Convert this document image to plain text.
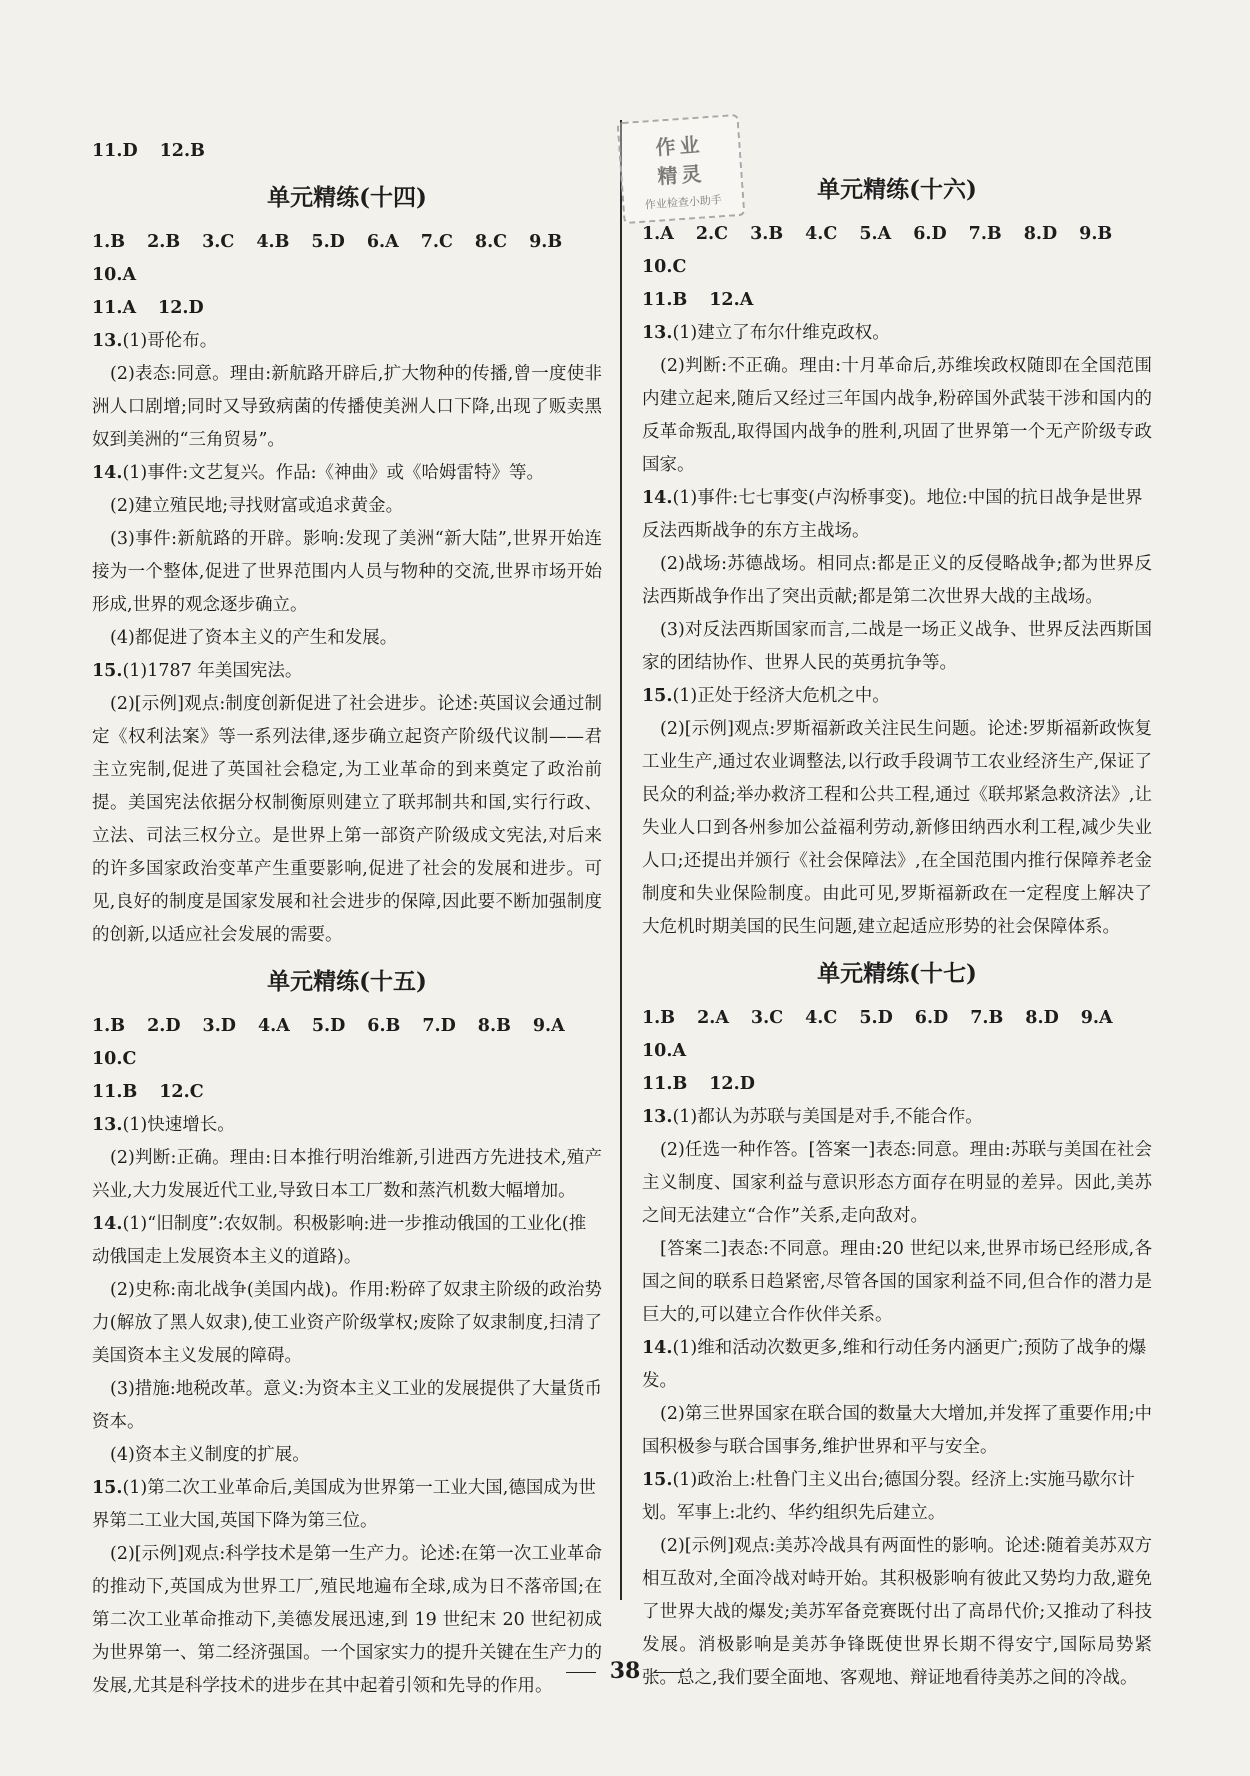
作业
精灵
作业检查小助手
11.D 12.B
单元精练(十四)
1.B 2.B 3.C 4.B 5.D 6.A 7.C 8.C 9.B
10.A
11.A 12.D

13.(1)哥伦布。

(2)表态:同意。理由:新航路开辟后,扩大物种的传播,曾一度使非洲人口剧增;同时又导致病菌的传播使美洲人口下降,出现了贩卖黑奴到美洲的“三角贸易”。

14.(1)事件:文艺复兴。作品:《神曲》或《哈姆雷特》等。

(2)建立殖民地;寻找财富或追求黄金。

(3)事件:新航路的开辟。影响:发现了美洲“新大陆”,世界开始连接为一个整体,促进了世界范围内人员与物种的交流,世界市场开始形成,世界的观念逐步确立。

(4)都促进了资本主义的产生和发展。

15.(1)1787 年美国宪法。

(2)[示例]观点:制度创新促进了社会进步。论述:英国议会通过制定《权利法案》等一系列法律,逐步确立起资产阶级代议制——君主立宪制,促进了英国社会稳定,为工业革命的到来奠定了政治前提。美国宪法依据分权制衡原则建立了联邦制共和国,实行行政、立法、司法三权分立。是世界上第一部资产阶级成文宪法,对后来的许多国家政治变革产生重要影响,促进了社会的发展和进步。可见,良好的制度是国家发展和社会进步的保障,因此要不断加强制度的创新,以适应社会发展的需要。

单元精练(十五)
1.B 2.D 3.D 4.A 5.D 6.B 7.D 8.B 9.A
10.C
11.B 12.C

13.(1)快速增长。

(2)判断:正确。理由:日本推行明治维新,引进西方先进技术,殖产兴业,大力发展近代工业,导致日本工厂数和蒸汽机数大幅增加。

14.(1)“旧制度”:农奴制。积极影响:进一步推动俄国的工业化(推动俄国走上发展资本主义的道路)。

(2)史称:南北战争(美国内战)。作用:粉碎了奴隶主阶级的政治势力(解放了黑人奴隶),使工业资产阶级掌权;废除了奴隶制度,扫清了美国资本主义发展的障碍。

(3)措施:地税改革。意义:为资本主义工业的发展提供了大量货币资本。

(4)资本主义制度的扩展。

15.(1)第二次工业革命后,美国成为世界第一工业大国,德国成为世界第二工业大国,英国下降为第三位。

(2)[示例]观点:科学技术是第一生产力。论述:在第一次工业革命的推动下,英国成为世界工厂,殖民地遍布全球,成为日不落帝国;在第二次工业革命推动下,美德发展迅速,到 19 世纪末 20 世纪初成为世界第一、第二经济强国。一个国家实力的提升关键在生产力的发展,尤其是科学技术的进步在其中起着引领和先导的作用。

单元精练(十六)
1.A 2.C 3.B 4.C 5.A 6.D 7.B 8.D 9.B
10.C
11.B 12.A

13.(1)建立了布尔什维克政权。

(2)判断:不正确。理由:十月革命后,苏维埃政权随即在全国范围内建立起来,随后又经过三年国内战争,粉碎国外武装干涉和国内的反革命叛乱,取得国内战争的胜利,巩固了世界第一个无产阶级专政国家。

14.(1)事件:七七事变(卢沟桥事变)。地位:中国的抗日战争是世界反法西斯战争的东方主战场。

(2)战场:苏德战场。相同点:都是正义的反侵略战争;都为世界反法西斯战争作出了突出贡献;都是第二次世界大战的主战场。

(3)对反法西斯国家而言,二战是一场正义战争、世界反法西斯国家的团结协作、世界人民的英勇抗争等。

15.(1)正处于经济大危机之中。

(2)[示例]观点:罗斯福新政关注民生问题。论述:罗斯福新政恢复工业生产,通过农业调整法,以行政手段调节工农业经济生产,保证了民众的利益;举办救济工程和公共工程,通过《联邦紧急救济法》,让失业人口到各州参加公益福利劳动,新修田纳西水利工程,减少失业人口;还提出并颁行《社会保障法》,在全国范围内推行保障养老金制度和失业保险制度。由此可见,罗斯福新政在一定程度上解决了大危机时期美国的民生问题,建立起适应形势的社会保障体系。

单元精练(十七)
1.B 2.A 3.C 4.C 5.D 6.D 7.B 8.D 9.A
10.A
11.B 12.D

13.(1)都认为苏联与美国是对手,不能合作。

(2)任选一种作答。[答案一]表态:同意。理由:苏联与美国在社会主义制度、国家利益与意识形态方面存在明显的差异。因此,美苏之间无法建立“合作”关系,走向敌对。

[答案二]表态:不同意。理由:20 世纪以来,世界市场已经形成,各国之间的联系日趋紧密,尽管各国的国家利益不同,但合作的潜力是巨大的,可以建立合作伙伴关系。

14.(1)维和活动次数更多,维和行动任务内涵更广;预防了战争的爆发。

(2)第三世界国家在联合国的数量大大增加,并发挥了重要作用;中国积极参与联合国事务,维护世界和平与安全。

15.(1)政治上:杜鲁门主义出台;德国分裂。经济上:实施马歇尔计划。军事上:北约、华约组织先后建立。

(2)[示例]观点:美苏冷战具有两面性的影响。论述:随着美苏双方相互敌对,全面冷战对峙开始。其积极影响有彼此又势均力敌,避免了世界大战的爆发;美苏军备竞赛既付出了高昂代价;又推动了科技发展。消极影响是美苏争锋既使世界长期不得安宁,国际局势紧张。总之,我们要全面地、客观地、辩证地看待美苏之间的冷战。

38
